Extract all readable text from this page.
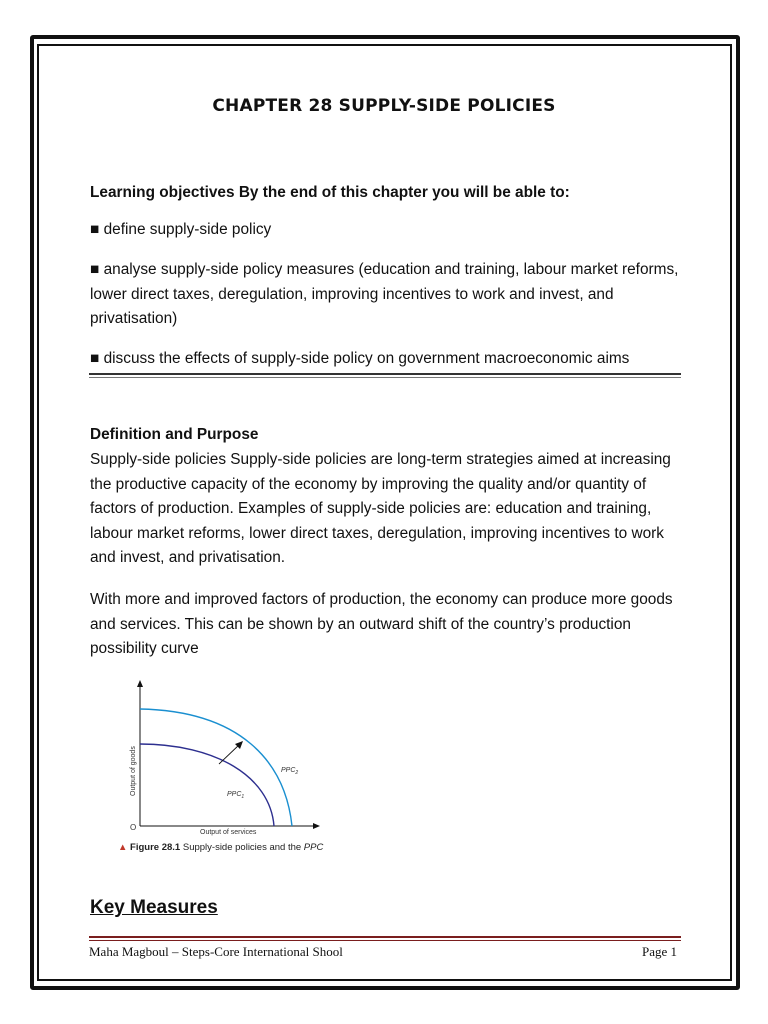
CHAPTER 28 SUPPLY-SIDE POLICIES
Learning objectives By the end of this chapter you will be able to:
■ define supply-side policy
■ analyse supply-side policy measures (education and training, labour market reforms, lower direct taxes, deregulation, improving incentives to work and invest, and privatisation)
■ discuss the effects of supply-side policy on government macroeconomic aims
Definition and Purpose
Supply-side policies Supply-side policies are long-term strategies aimed at increasing the productive capacity of the economy by improving the quality and/or quantity of factors of production. Examples of supply-side policies are: education and training, labour market reforms, lower direct taxes, deregulation, improving incentives to work and invest, and privatisation.
With more and improved factors of production, the economy can produce more goods and services. This can be shown by an outward shift of the country’s production possibility curve
Output of goods
Output of services
O
$PPC_1$
$PPC_2$
▲ Figure 28.1 Supply-side policies and the PPC
Key Measures
Maha Magboul – Steps-Core International Shool	Page 1
